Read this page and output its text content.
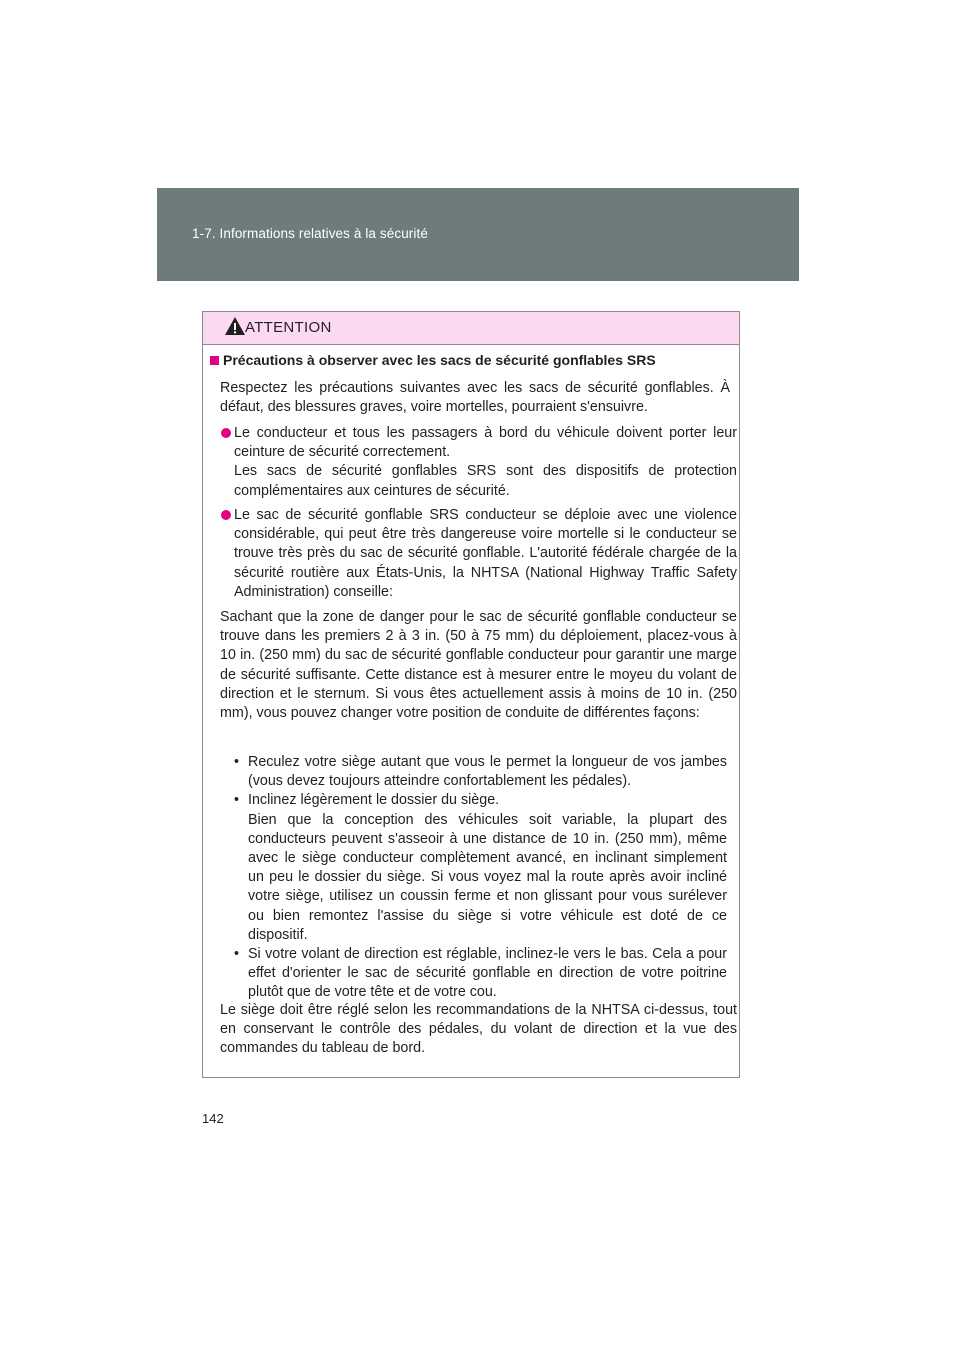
1-7. Informations relatives à la sécurité
ATTENTION
Précautions à observer avec les sacs de sécurité gonflables SRS
Respectez les précautions suivantes avec les sacs de sécurité gonflables. À défaut, des blessures graves, voire mortelles, pourraient s'ensuivre.
Le conducteur et tous les passagers à bord du véhicule doivent porter leur ceinture de sécurité correctement.
Les sacs de sécurité gonflables SRS sont des dispositifs de protection complémentaires aux ceintures de sécurité.
Le sac de sécurité gonflable SRS conducteur se déploie avec une violence considérable, qui peut être très dangereuse voire mortelle si le conducteur se trouve très près du sac de sécurité gonflable. L'autorité fédérale chargée de la sécurité routière aux États-Unis, la NHTSA (National Highway Traffic Safety Administration) conseille:
Sachant que la zone de danger pour le sac de sécurité gonflable conducteur se trouve dans les premiers 2 à 3 in. (50 à 75 mm) du déploiement, placez-vous à 10 in. (250 mm) du sac de sécurité gonflable conducteur pour garantir une marge de sécurité suffisante. Cette distance est à mesurer entre le moyeu du volant de direction et le sternum. Si vous êtes actuellement assis à moins de 10 in. (250 mm), vous pouvez changer votre position de conduite de différentes façons:
• Reculez votre siège autant que vous le permet la longueur de vos jambes (vous devez toujours atteindre confortablement les pédales).
• Inclinez légèrement le dossier du siège.
Bien que la conception des véhicules soit variable, la plupart des conducteurs peuvent s'asseoir à une distance de 10 in. (250 mm), même avec le siège conducteur complètement avancé, en inclinant simplement un peu le dossier du siège. Si vous voyez mal la route après avoir incliné votre siège, utilisez un coussin ferme et non glissant pour vous surélever ou bien remontez l'assise du siège si votre véhicule est doté de ce dispositif.
• Si votre volant de direction est réglable, inclinez-le vers le bas. Cela a pour effet d'orienter le sac de sécurité gonflable en direction de votre poitrine plutôt que de votre tête et de votre cou.
Le siège doit être réglé selon les recommandations de la NHTSA ci-dessus, tout en conservant le contrôle des pédales, du volant de direction et la vue des commandes du tableau de bord.
142
